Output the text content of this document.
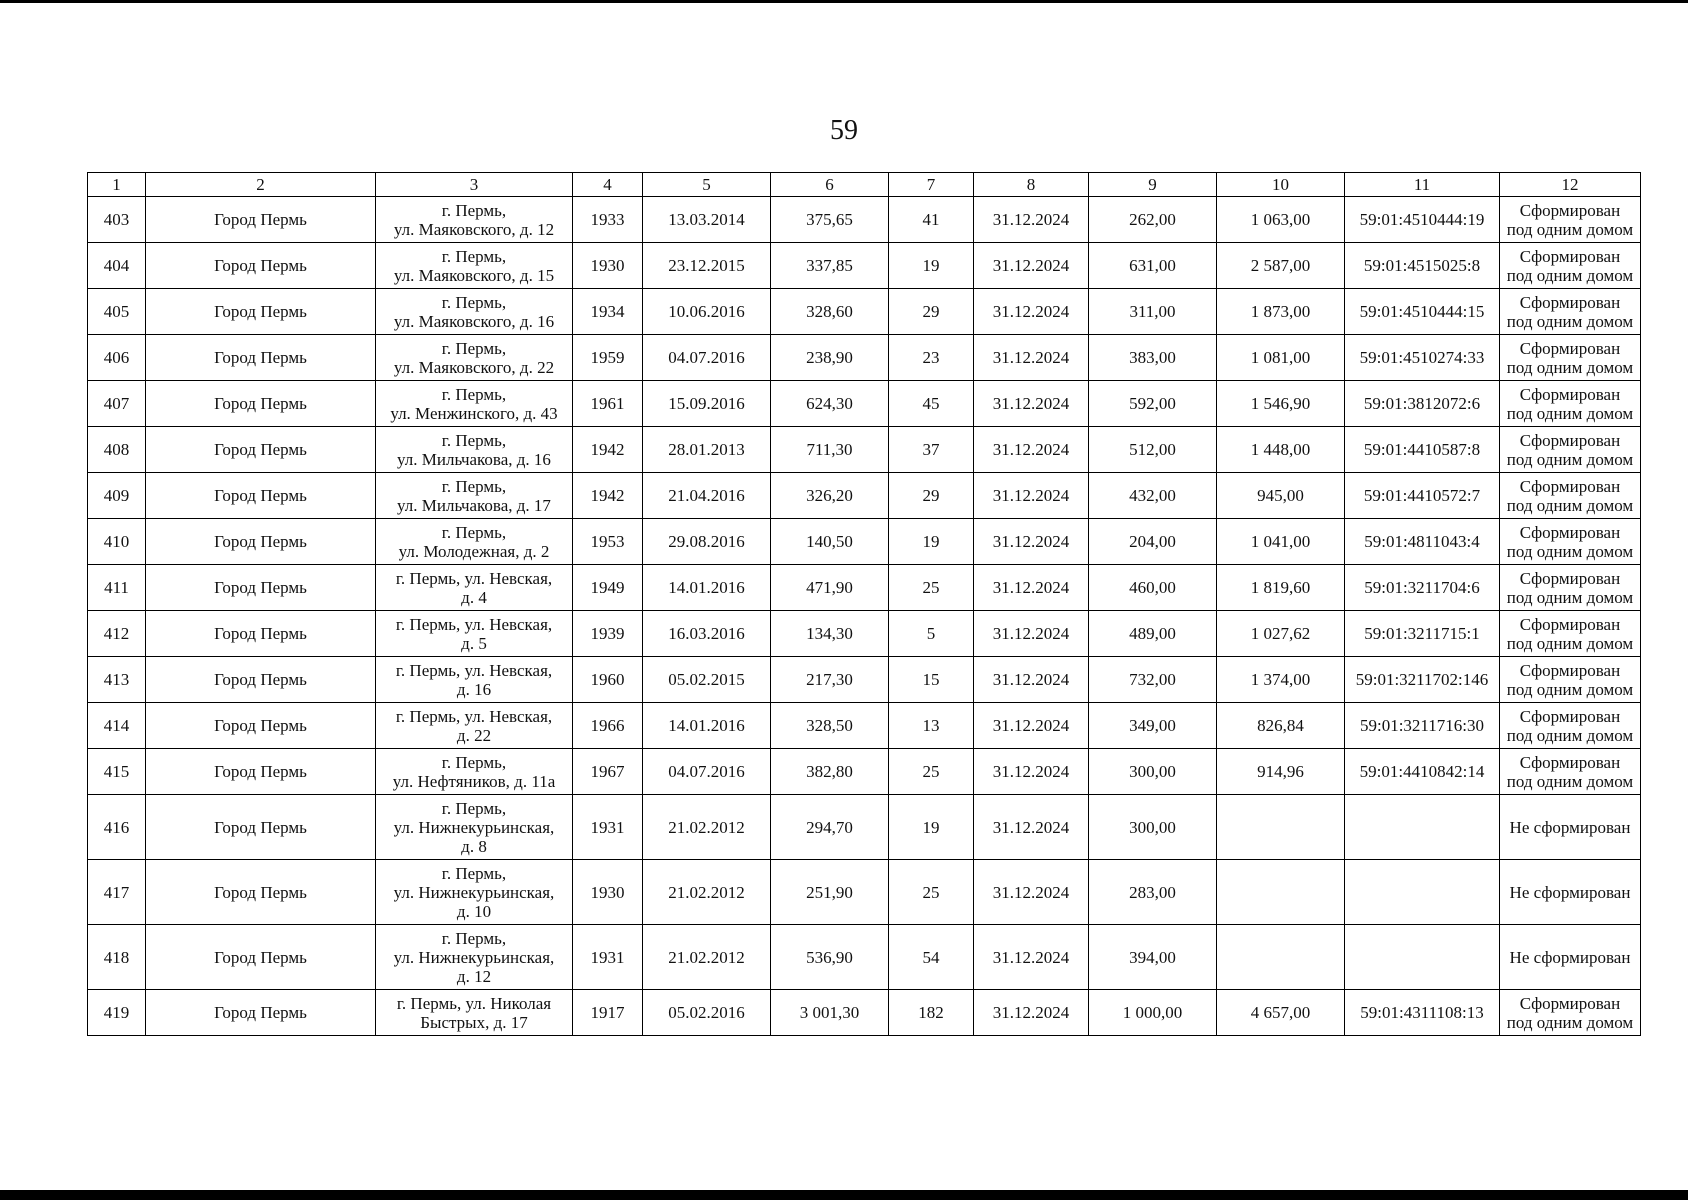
59
1	2	3	4	5	6	7	8	9	10	11	12
403	Город Пермь	г. Пермь,
ул. Маяковского, д. 12	1933	13.03.2014	375,65	41	31.12.2024	262,00	1 063,00	59:01:4510444:19	Сформирован
под одним домом

404	Город Пермь	г. Пермь,
ул. Маяковского, д. 15	1930	23.12.2015	337,85	19	31.12.2024	631,00	2 587,00	59:01:4515025:8	Сформирован
под одним домом

405	Город Пермь	г. Пермь,
ул. Маяковского, д. 16	1934	10.06.2016	328,60	29	31.12.2024	311,00	1 873,00	59:01:4510444:15	Сформирован
под одним домом

406	Город Пермь	г. Пермь,
ул. Маяковского, д. 22	1959	04.07.2016	238,90	23	31.12.2024	383,00	1 081,00	59:01:4510274:33	Сформирован
под одним домом

407	Город Пермь	г. Пермь,
ул. Менжинского, д. 43	1961	15.09.2016	624,30	45	31.12.2024	592,00	1 546,90	59:01:3812072:6	Сформирован
под одним домом

408	Город Пермь	г. Пермь,
ул. Мильчакова, д. 16	1942	28.01.2013	711,30	37	31.12.2024	512,00	1 448,00	59:01:4410587:8	Сформирован
под одним домом

409	Город Пермь	г. Пермь,
ул. Мильчакова, д. 17	1942	21.04.2016	326,20	29	31.12.2024	432,00	945,00	59:01:4410572:7	Сформирован
под одним домом

410	Город Пермь	г. Пермь,
ул. Молодежная, д. 2	1953	29.08.2016	140,50	19	31.12.2024	204,00	1 041,00	59:01:4811043:4	Сформирован
под одним домом

411	Город Пермь	г. Пермь, ул. Невская,
д. 4	1949	14.01.2016	471,90	25	31.12.2024	460,00	1 819,60	59:01:3211704:6	Сформирован
под одним домом

412	Город Пермь	г. Пермь, ул. Невская,
д. 5	1939	16.03.2016	134,30	5	31.12.2024	489,00	1 027,62	59:01:3211715:1	Сформирован
под одним домом

413	Город Пермь	г. Пермь, ул. Невская,
д. 16	1960	05.02.2015	217,30	15	31.12.2024	732,00	1 374,00	59:01:3211702:146	Сформирован
под одним домом

414	Город Пермь	г. Пермь, ул. Невская,
д. 22	1966	14.01.2016	328,50	13	31.12.2024	349,00	826,84	59:01:3211716:30	Сформирован
под одним домом

415	Город Пермь	г. Пермь,
ул. Нефтяников, д. 11а	1967	04.07.2016	382,80	25	31.12.2024	300,00	914,96	59:01:4410842:14	Сформирован
под одним домом

416	Город Пермь	г. Пермь,
ул. Нижнекурьинская,
д. 8	1931	21.02.2012	294,70	19	31.12.2024	300,00			Не сформирован

417	Город Пермь	г. Пермь,
ул. Нижнекурьинская,
д. 10	1930	21.02.2012	251,90	25	31.12.2024	283,00			Не сформирован

418	Город Пермь	г. Пермь,
ул. Нижнекурьинская,
д. 12	1931	21.02.2012	536,90	54	31.12.2024	394,00			Не сформирован

419	Город Пермь	г. Пермь, ул. Николая
Быстрых, д. 17	1917	05.02.2016	3 001,30	182	31.12.2024	1 000,00	4 657,00	59:01:4311108:13	Сформирован
под одним домом
